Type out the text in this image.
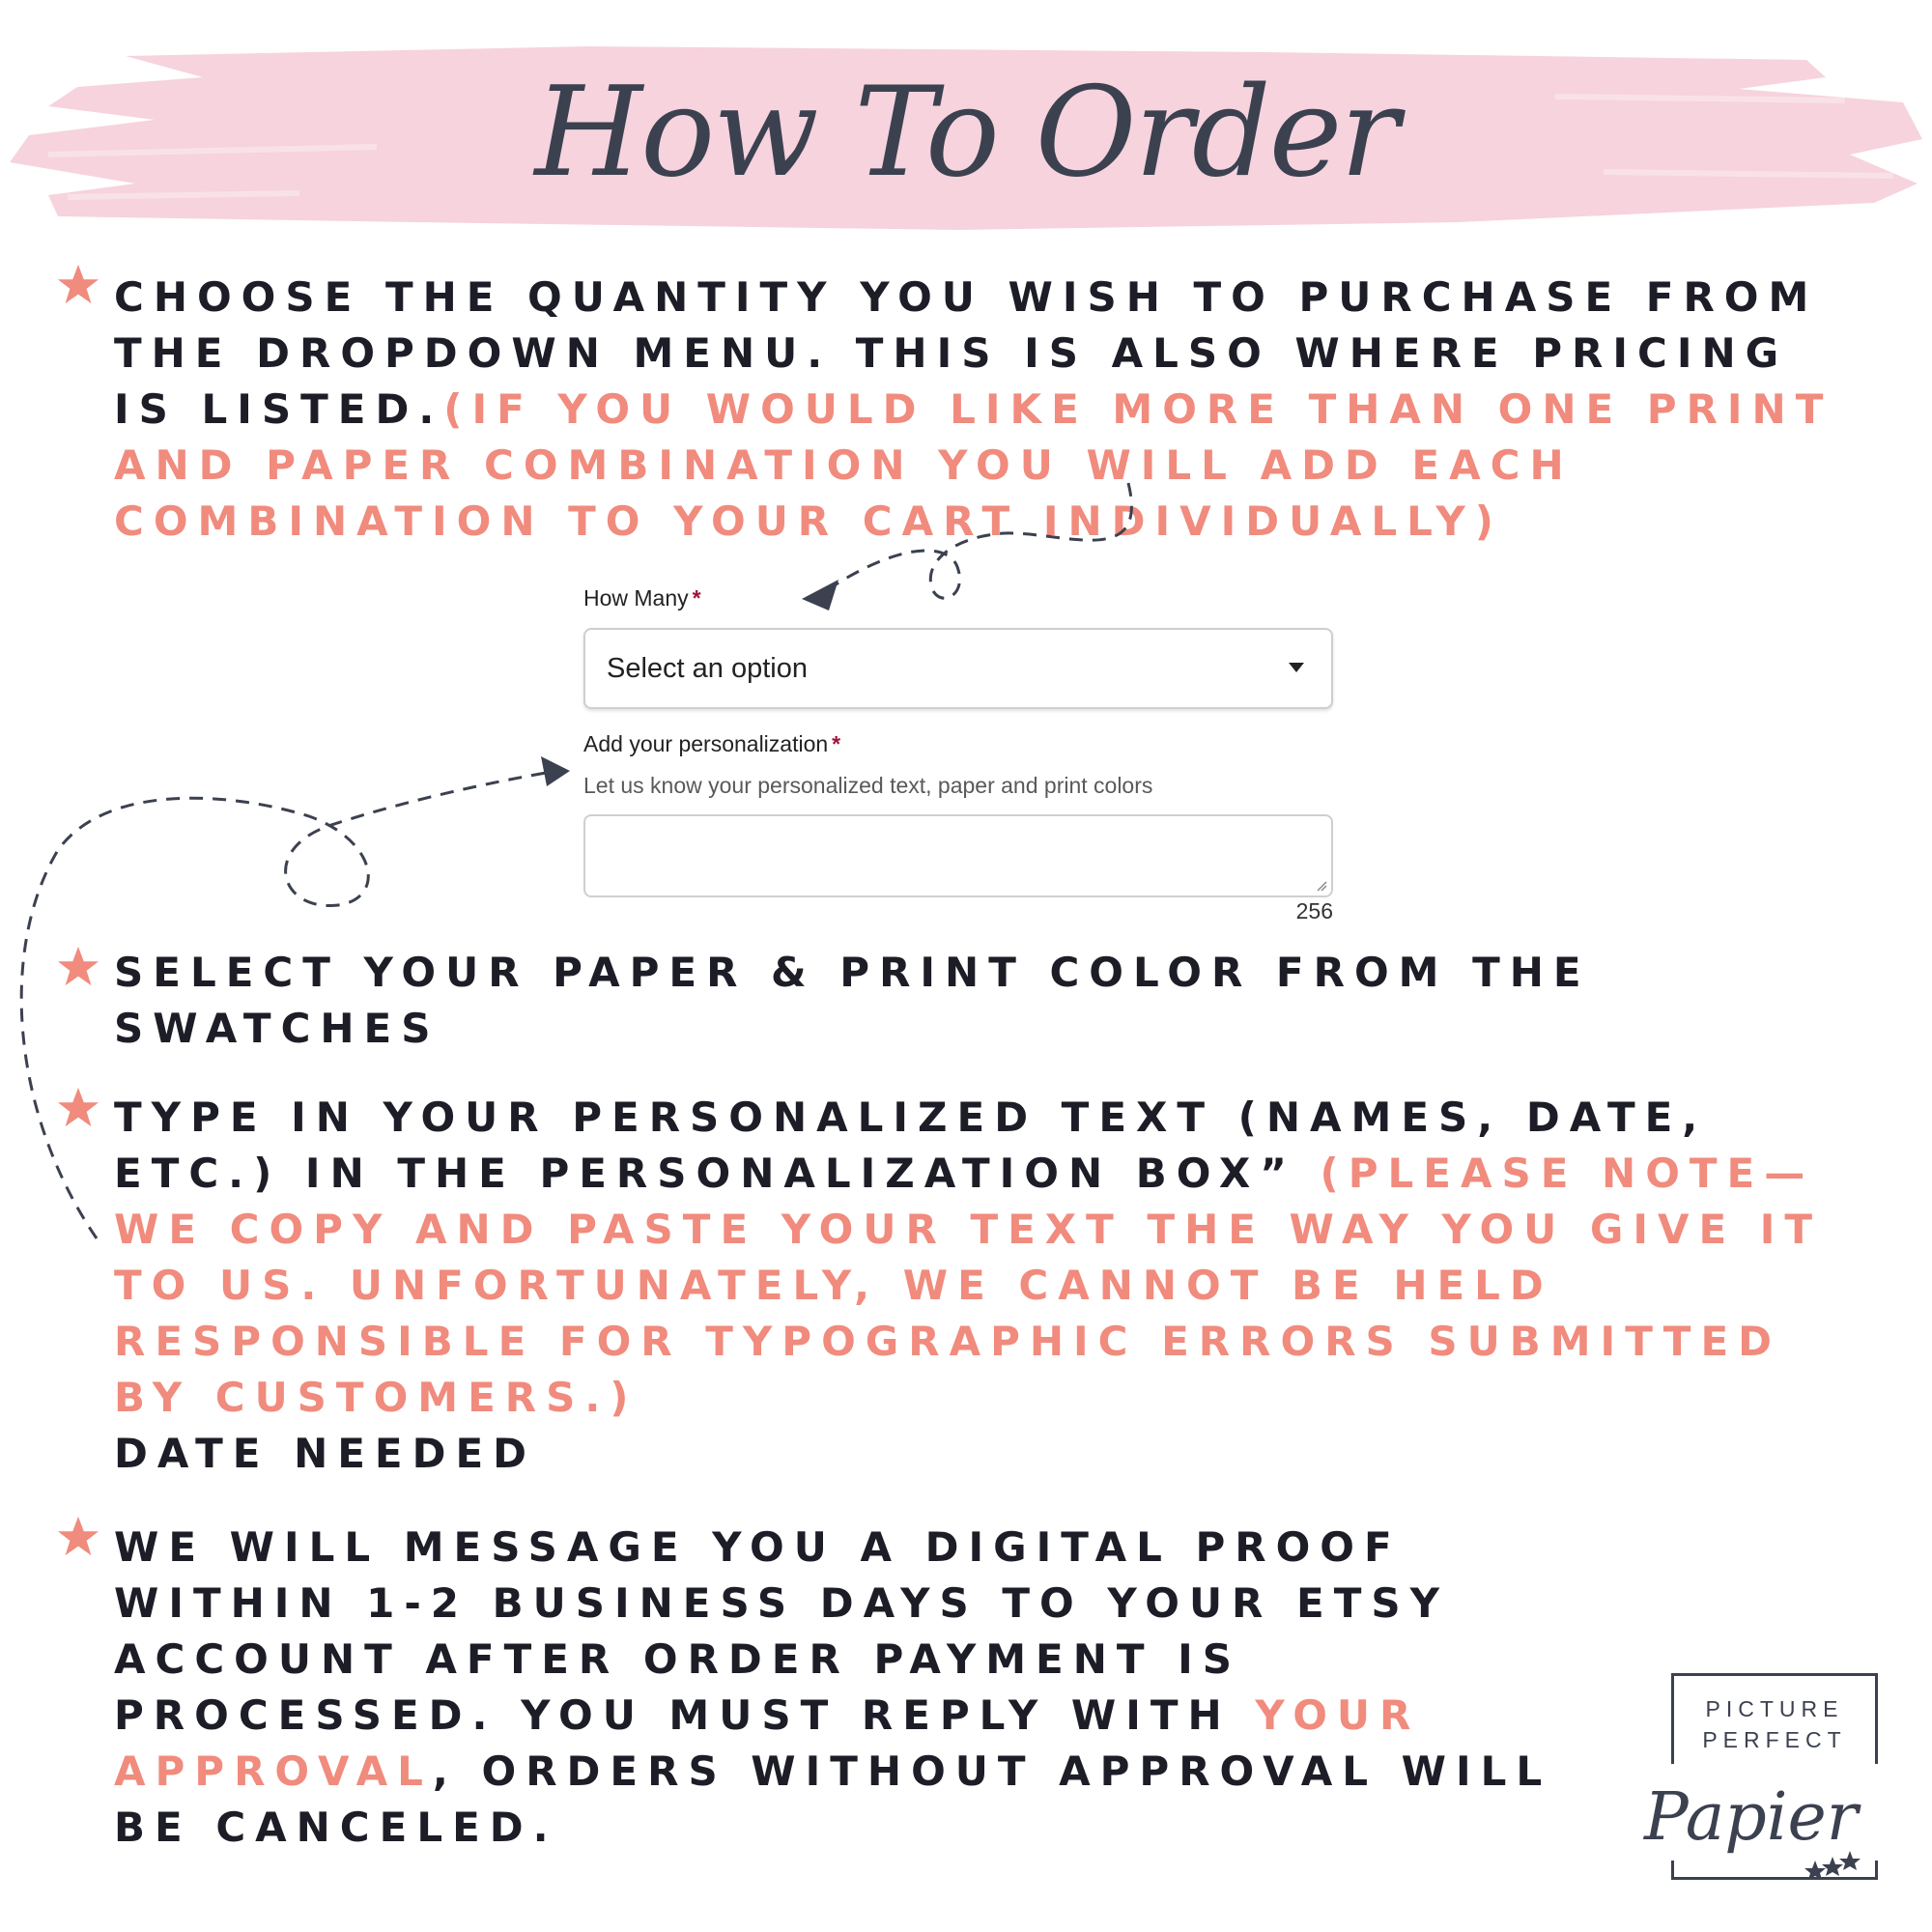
How To Order

CHOOSE THE QUANTITY YOU WISH TO PURCHASE FROM THE DROPDOWN MENU. THIS IS ALSO WHERE PRICING IS LISTED.(IF YOU WOULD LIKE MORE THAN ONE PRINT AND PAPER COMBINATION YOU WILL ADD EACH COMBINATION TO YOUR CART INDIVIDUALLY)

How Many *
Select an option
Add your personalization *
Let us know your personalized text, paper and print colors
256

SELECT YOUR PAPER & PRINT COLOR FROM THE SWATCHES

TYPE IN YOUR PERSONALIZED TEXT (NAMES, DATE, ETC.) IN THE PERSONALIZATION BOX” (PLEASE NOTE—WE COPY AND PASTE YOUR TEXT THE WAY YOU GIVE IT TO US. UNFORTUNATELY, WE CANNOT BE HELD RESPONSIBLE FOR TYPOGRAPHIC ERRORS SUBMITTED BY CUSTOMERS.)
DATE NEEDED

WE WILL MESSAGE YOU A DIGITAL PROOF WITHIN 1-2 BUSINESS DAYS TO YOUR ETSY ACCOUNT AFTER ORDER PAYMENT IS PROCESSED. YOU MUST REPLY WITH YOUR APPROVAL, ORDERS WITHOUT APPROVAL WILL BE CANCELED.

PICTURE
PERFECT
Papier
